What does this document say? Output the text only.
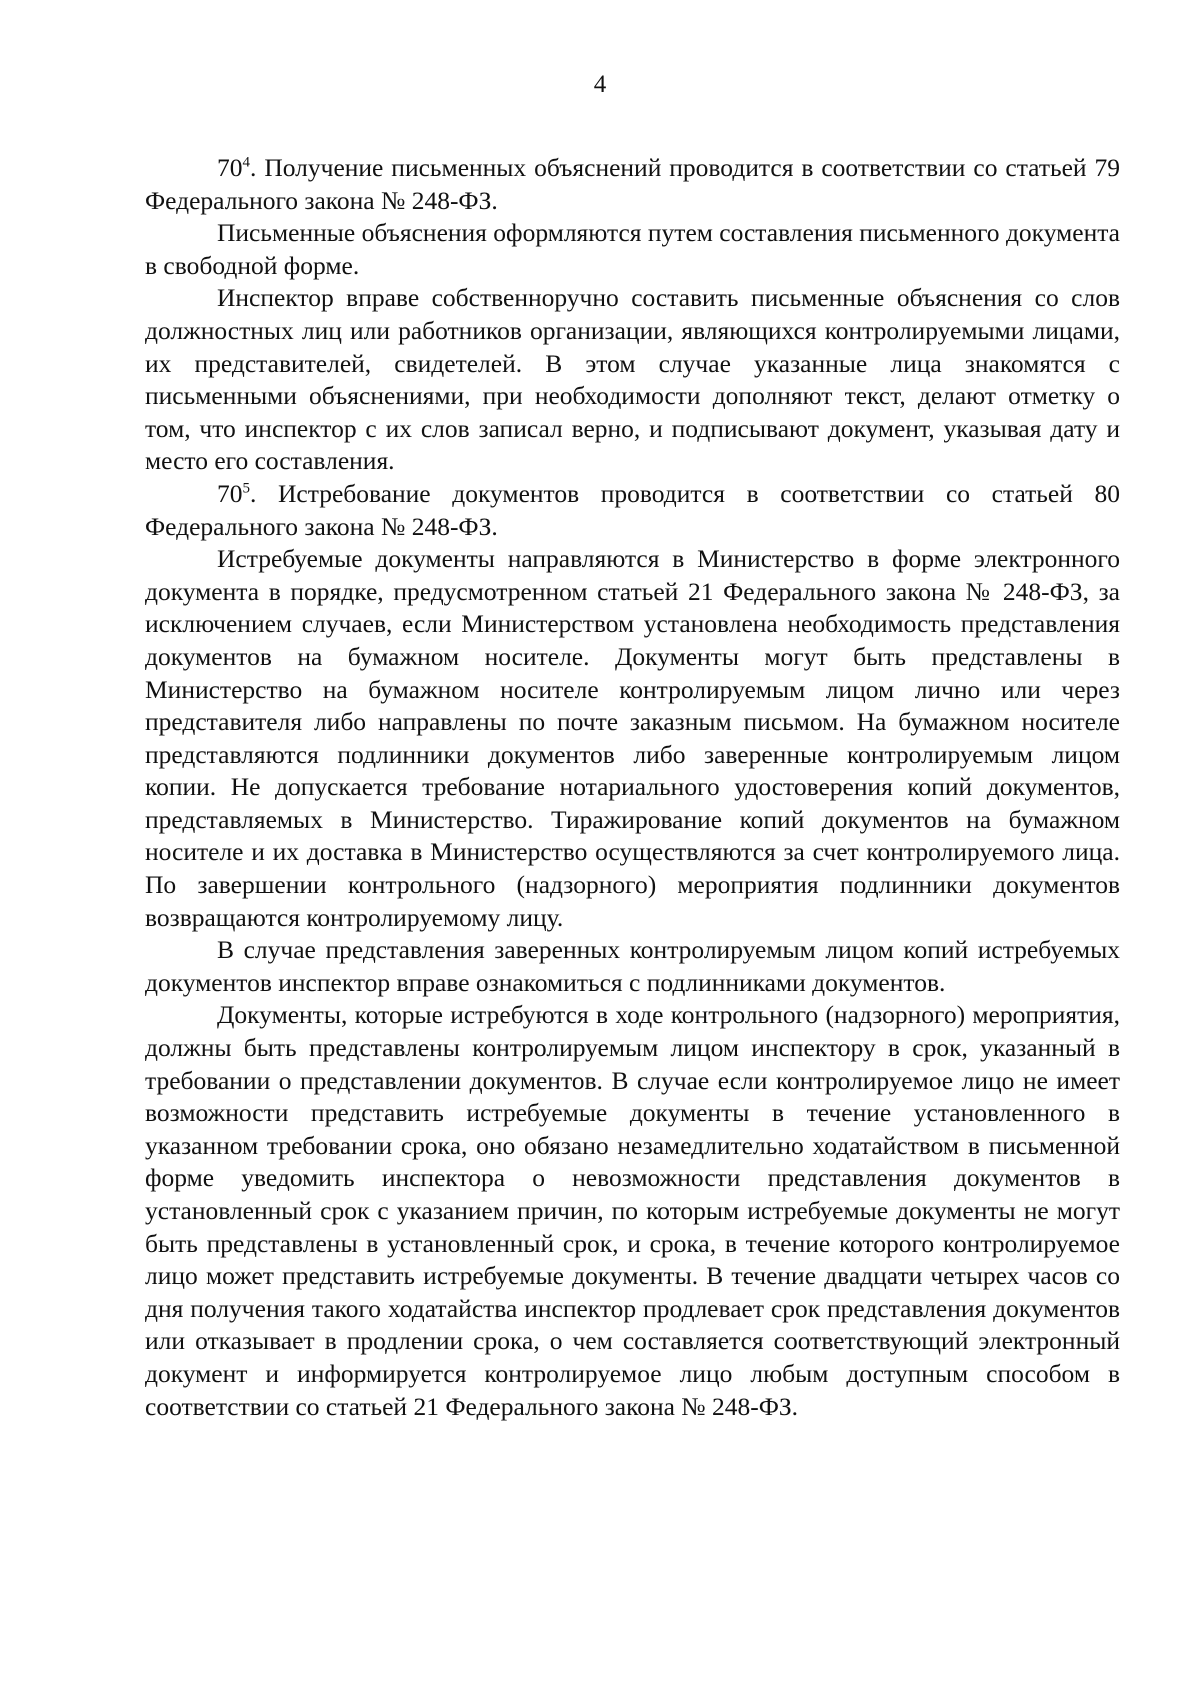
4

$70^4$. Получение письменных объяснений проводится в соответствии со статьей 79 Федерального закона № 248-ФЗ.

Письменные объяснения оформляются путем составления письменного документа в свободной форме.

Инспектор вправе собственноручно составить письменные объяснения со слов должностных лиц или работников организации, являющихся контролируемыми лицами, их представителей, свидетелей. В этом случае указанные лица знакомятся с письменными объяснениями, при необходимости дополняют текст, делают отметку о том, что инспектор с их слов записал верно, и подписывают документ, указывая дату и место его составления.

$70^5$. Истребование документов проводится в соответствии со статьей 80 Федерального закона № 248-ФЗ.

Истребуемые документы направляются в Министерство в форме электронного документа в порядке, предусмотренном статьей 21 Федерального закона № 248-ФЗ, за исключением случаев, если Министерством установлена необходимость представления документов на бумажном носителе. Документы могут быть представлены в Министерство на бумажном носителе контролируемым лицом лично или через представителя либо направлены по почте заказным письмом. На бумажном носителе представляются подлинники документов либо заверенные контролируемым лицом копии. Не допускается требование нотариального удостоверения копий документов, представляемых в Министерство. Тиражирование копий документов на бумажном носителе и их доставка в Министерство осуществляются за счет контролируемого лица. По завершении контрольного (надзорного) мероприятия подлинники документов возвращаются контролируемому лицу.

В случае представления заверенных контролируемым лицом копий истребуемых документов инспектор вправе ознакомиться с подлинниками документов.

Документы, которые истребуются в ходе контрольного (надзорного) мероприятия, должны быть представлены контролируемым лицом инспектору в срок, указанный в требовании о представлении документов. В случае если контролируемое лицо не имеет возможности представить истребуемые документы в течение установленного в указанном требовании срока, оно обязано незамедлительно ходатайством в письменной форме уведомить инспектора о невозможности представления документов в установленный срок с указанием причин, по которым истребуемые документы не могут быть представлены в установленный срок, и срока, в течение которого контролируемое лицо может представить истребуемые документы. В течение двадцати четырех часов со дня получения такого ходатайства инспектор продлевает срок представления документов или отказывает в продлении срока, о чем составляется соответствующий электронный документ и информируется контролируемое лицо любым доступным способом в соответствии со статьей 21 Федерального закона № 248-ФЗ.
